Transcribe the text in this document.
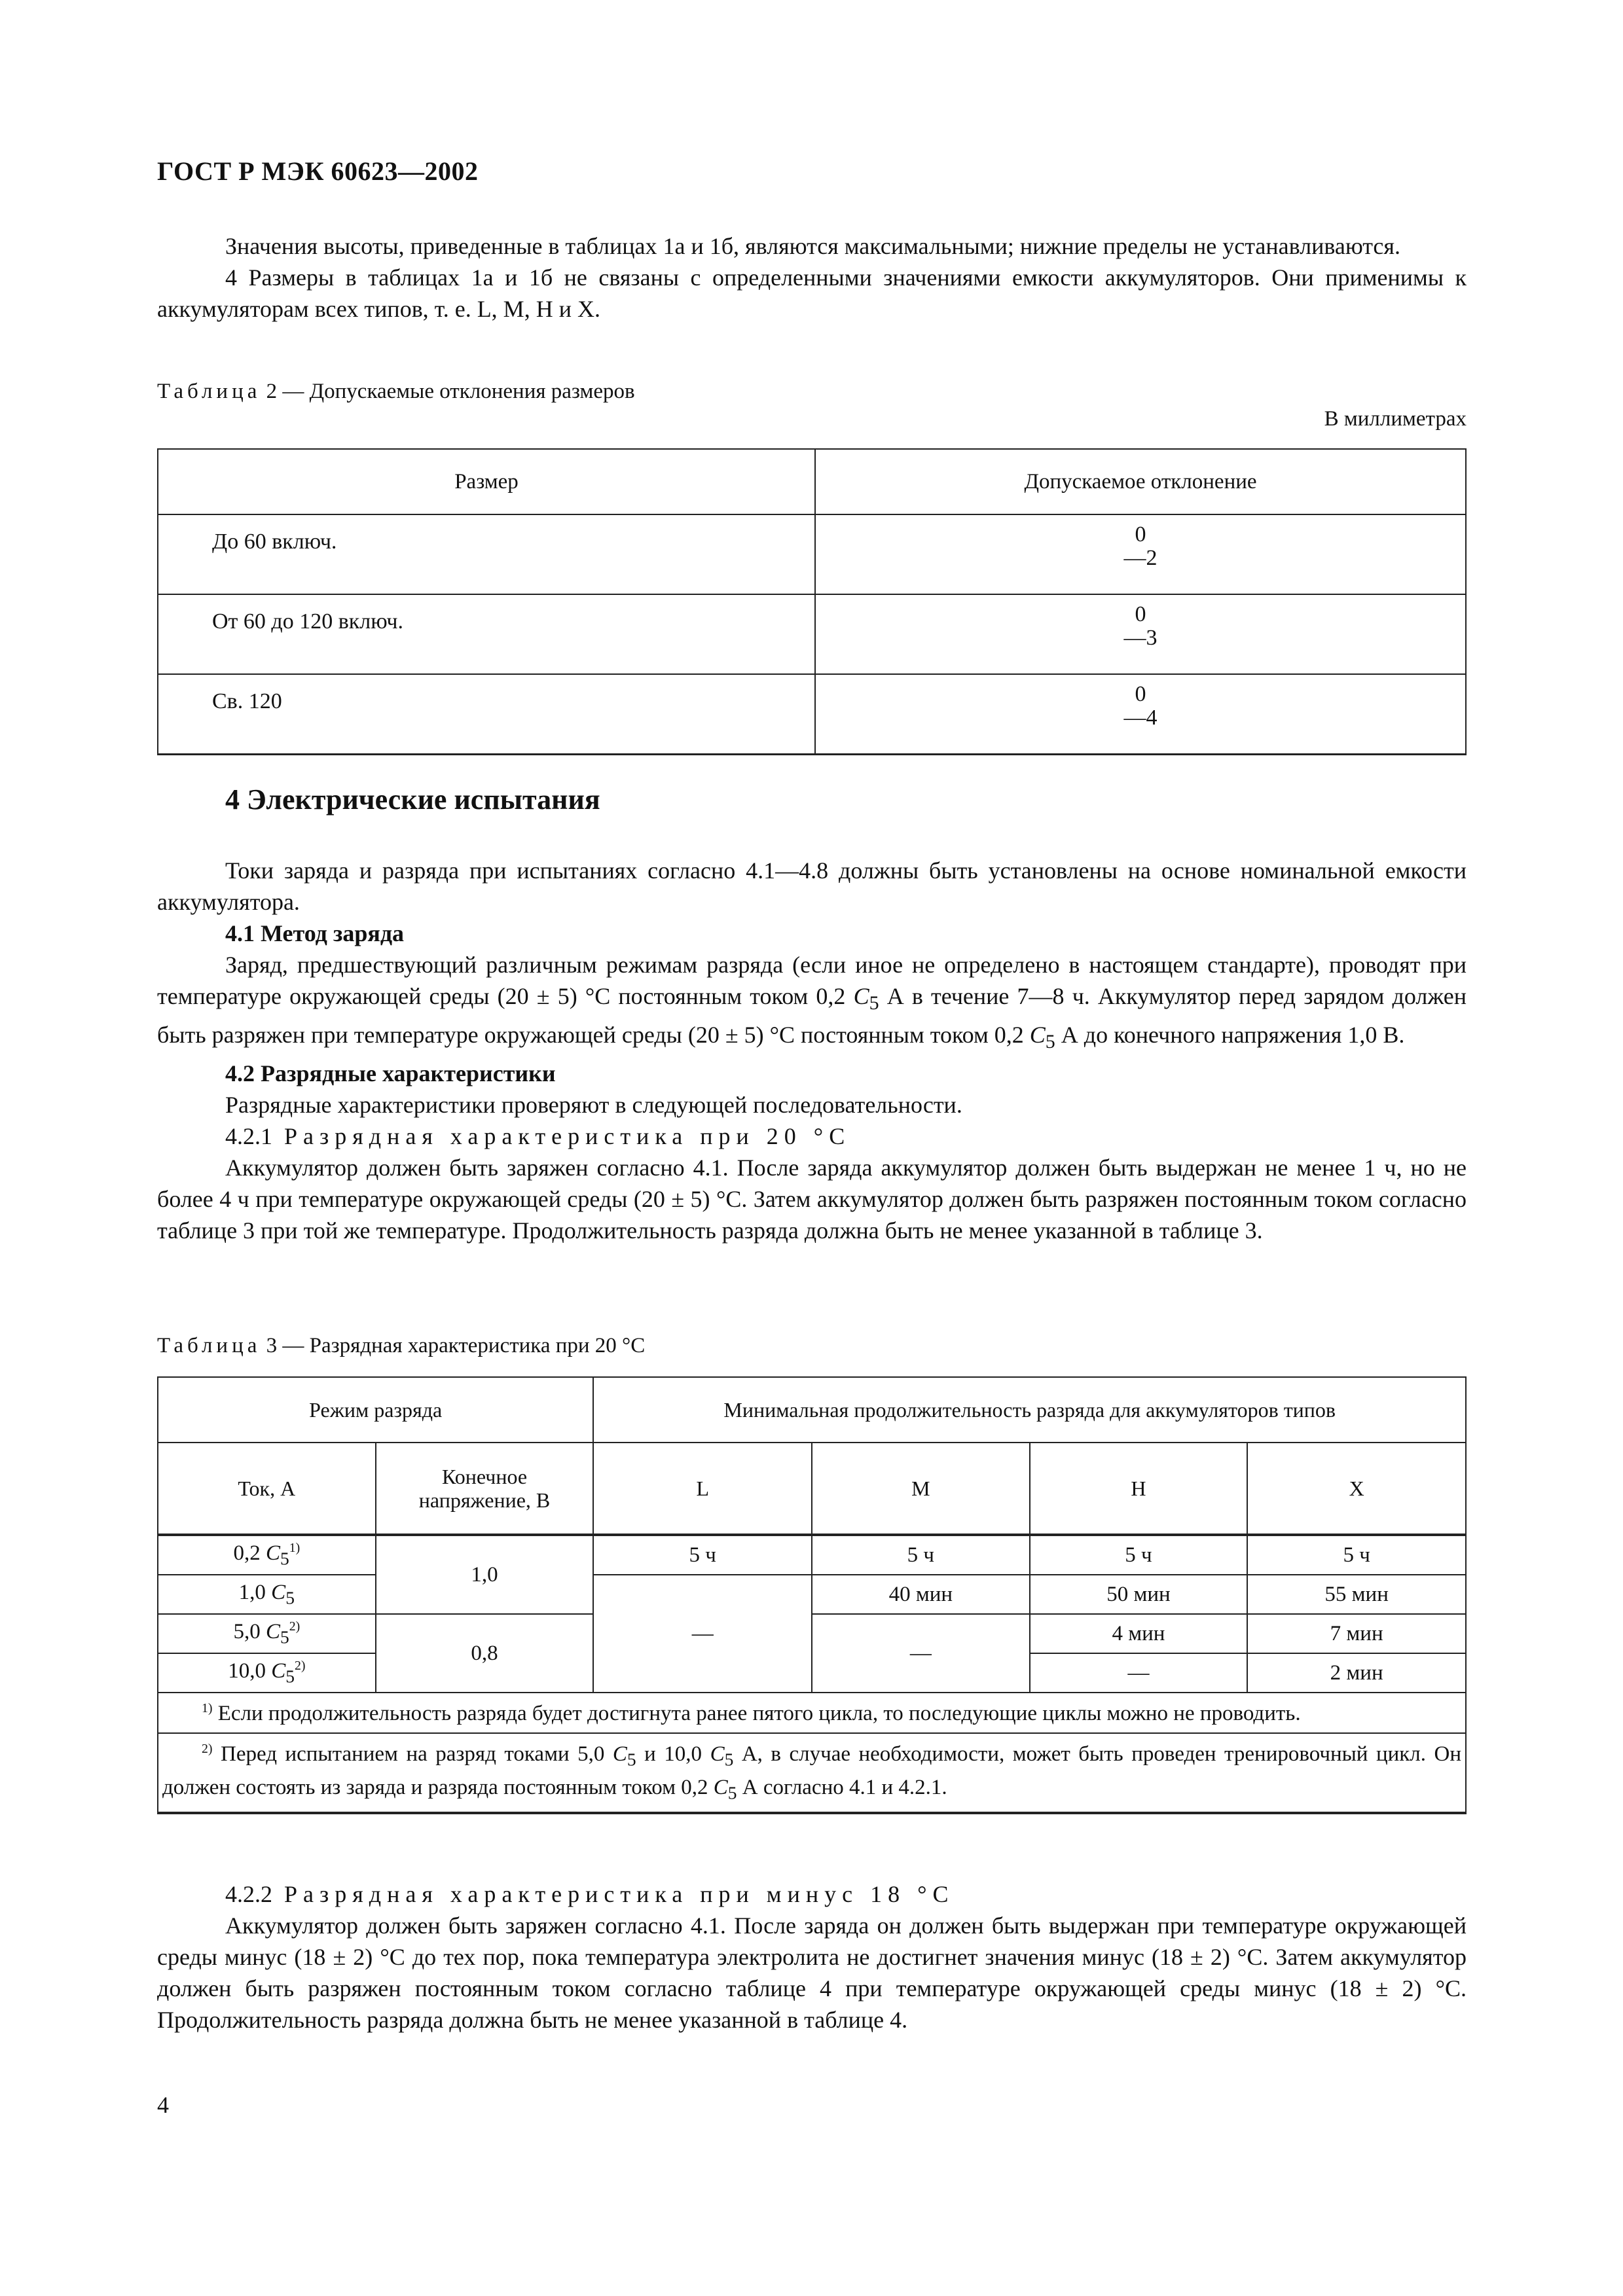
ГОСТ Р МЭК 60623—2002

Значения высоты, приведенные в таблицах 1а и 1б, являются максимальными; нижние пределы не устанавливаются.

4 Размеры в таблицах 1а и 1б не связаны с определенными значениями емкости аккумуляторов. Они применимы к аккумуляторам всех типов, т. е. L, M, H и X.

Таблица 2 — Допускаемые отклонения размеров
В миллиметрах
Размер	Допускаемое отклонение
До 60 включ.	0
—2

От 60 до 120 включ.	0
—3

Св. 120	0
—4
4 Электрические испытания

Токи заряда и разряда при испытаниях согласно 4.1—4.8 должны быть установлены на основе номинальной емкости аккумулятора.

4.1 Метод заряда

Заряд, предшествующий различным режимам разряда (если иное не определено в настоящем стандарте), проводят при температуре окружающей среды (20 ± 5) °С постоянным током 0,2 $C_5$ А в течение 7—8 ч. Аккумулятор перед зарядом должен быть разряжен при температуре окружающей среды (20 ± 5) °С постоянным током 0,2 $C_5$ А до конечного напряжения 1,0 В.

4.2 Разрядные характеристики

Разрядные характеристики проверяют в следующей последовательности.

4.2.1 Разрядная характеристика при 20 °С

Аккумулятор должен быть заряжен согласно 4.1. После заряда аккумулятор должен быть выдержан не менее 1 ч, но не более 4 ч при температуре окружающей среды (20 ± 5) °С. Затем аккумулятор должен быть разряжен постоянным током согласно таблице 3 при той же температуре. Продолжительность разряда должна быть не менее указанной в таблице 3.

Таблица 3 — Разрядная характеристика при 20 °С
Режим разряда		Минимальная продолжительность разряда для аккумуляторов типов			
Ток, А	Конечное
напряжение, В	L	M	H	X
0,2 $C_5^{1)}$	1,0	5 ч	5 ч	5 ч	5 ч
1,0 $C_5$		—	40 мин	50 мин	55 мин
5,0 $C_5^{2)}$	0,8		—	4 мин	7 мин
10,0 $C_5^{2)}$				—	2 мин

$^{1)}$ Если продолжительность разряда будет достигнута ранее пятого цикла, то последующие циклы можно не проводить.					

$^{2)}$ Перед испытанием на разряд токами 5,0 $C_5$ и 10,0 $C_5$ А, в случае необходимости, может быть проведен тренировочный цикл. Он должен состоять из заряда и разряда постоянным током 0,2 $C_5$ А согласно 4.1 и 4.2.1.					

4.2.2 Разрядная характеристика при минус 18 °С

Аккумулятор должен быть заряжен согласно 4.1. После заряда он должен быть выдержан при температуре окружающей среды минус (18 ± 2) °С до тех пор, пока температура электролита не достигнет значения минус (18 ± 2) °С. Затем аккумулятор должен быть разряжен постоянным током согласно таблице 4 при температуре окружающей среды минус (18 ± 2) °С. Продолжительность разряда должна быть не менее указанной в таблице 4.

4
